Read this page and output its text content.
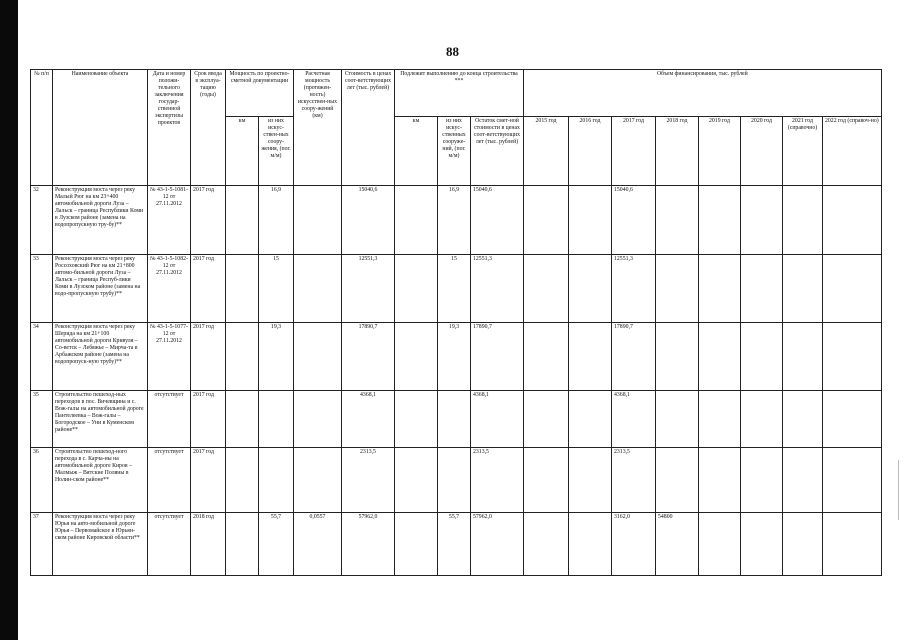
88
№ п/п	Наименование объекта	Дата и номер положи-тельного заключения государ-ственной экспертизы проектов	Срок ввода в эксплуа-тацию (годы)	Мощность по проектно-сметной документации		Расчетная мощность (протяжен-ность) искусствен-ных соору-жений (км)	Стоимость в ценах соот-ветствующих лет (тыс. рублей)	Подлежит выполнению до конца строительства ***			Объем финансирования, тыс. рублей							
				км	из них искус-ствен-ных соору-жения, (пог. м/м)			км	из них искус-ственных сооруже-ний, (пог. м/м)	Остаток смет-ной стоимости в ценах соот-ветствующих лет (тыс. рублей)	2015 год	2016 год	2017 год	2018 год	2019 год	2020 год	2021 год (справочно)	2022 год (справоч-но)
32	Реконструкция моста через реку Малый Рюг на км 23+400 автомобильной дороги Луза – Лальск – граница Республики Коми в Лузском районе (замена на водопропускную тру-бу)**	№ 43-1-5-1081-12 от 27.11.2012	2017 год		16,9		15040,6		16,9	15040,6			15040,6					
33	Реконструкция моста через реку Россоховский Рюг на км 21+800 автомо-бильной дороги Луза – Лальск – граница Респуб-лики Коми в Лузском районе (замена на водо-пропускную трубу)**	№ 43-1-5-1082-12 от 27.11.2012	2017 год		15		12551,3		15	12551,3			12551,3					
34	Реконструкция моста через реку Шерида на км 21+100 автомобильной дороги Кривуля – Со-ветск – Лебяжье – Мирча-та в Арбажском районе (замена на водопропуск-ную трубу)**	№ 43-1-5-1077-12 от 27.11.2012	2017 год		19,3		17890,7		19,3	17890,7			17890,7					
35	Строительство пешеход-ных переходов в пос. Вичевщина и с. Вож-галы на автомобильной дороге Пантелеевка – Вож-галы – Богородское – Уни в Куменском районе**	отсутствует	2017 год				4368,1			4368,1			4368,1					
36	Строительство пешеход-ного перехода в с. Карча-ны на автомобильной дороге Киров – Малмыж – Вятские Поляны в Нолин-ском районе**	отсутствует	2017 год				2313,5			2313,5			2313,5					
37	Реконструкция моста через реку Юрья на авто-мобильной дороге Юрья – Первомайское в Юрьян-ском районе Кировской области**	отсутствует	2018 год		55,7	0,0557	57962,0		55,7	57962,0			3162,0	54800				
